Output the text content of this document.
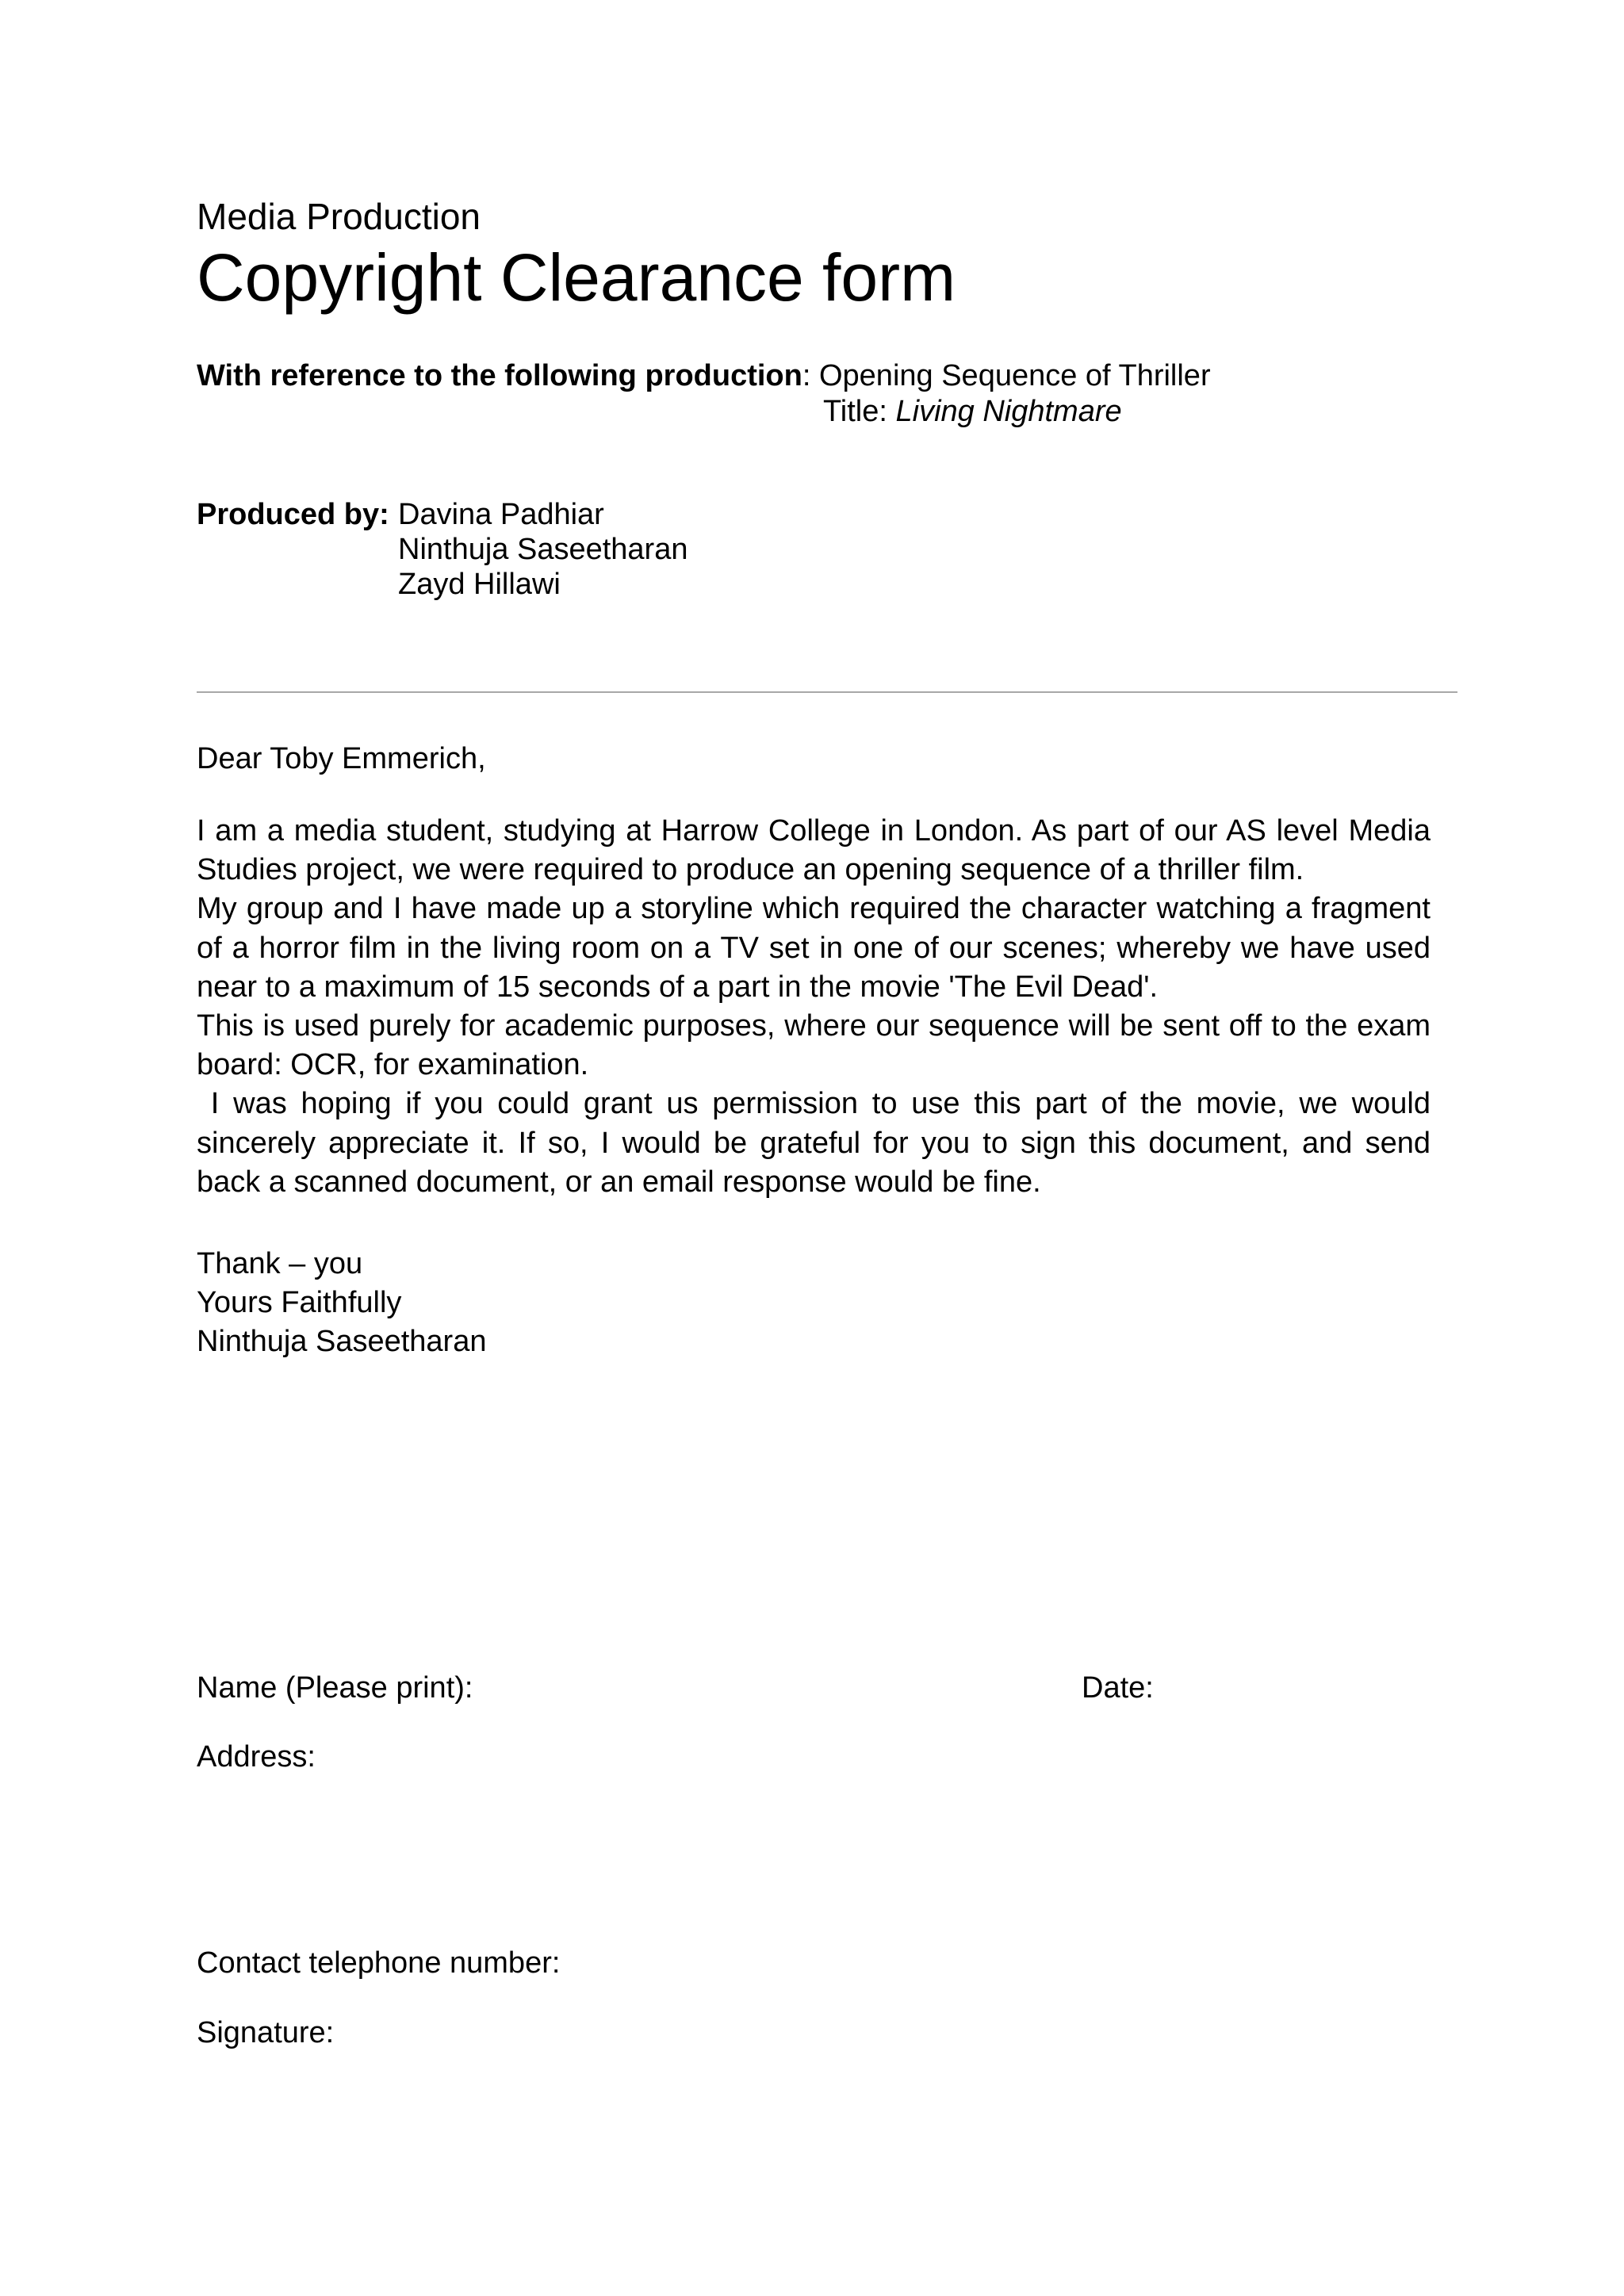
Media Production
Copyright Clearance form
With reference to the following production: Opening Sequence of Thriller
Title: Living Nightmare
Produced by: Davina Padhiar
Ninthuja Saseetharan
Zayd Hillawi
Dear Toby Emmerich,

I am a media student, studying at Harrow College in London. As part of our AS level Media Studies project, we were required to produce an opening sequence of a thriller film.

My group and I have made up a storyline which required the character watching a fragment of a horror film in the living room on a TV set in one of our scenes; whereby we have used near to a maximum of 15 seconds of a part in the movie 'The Evil Dead'.

This is used purely for academic purposes, where our sequence will be sent off to the exam board: OCR, for examination.

I was hoping if you could grant us permission to use this part of the movie, we would sincerely appreciate it. If so, I would be grateful for you to sign this document, and send back a scanned document, or an email response would be fine.

Thank – you
Yours Faithfully
Ninthuja Saseetharan
Name (Please print):	Date:
Address:
Contact telephone number:
Signature:
